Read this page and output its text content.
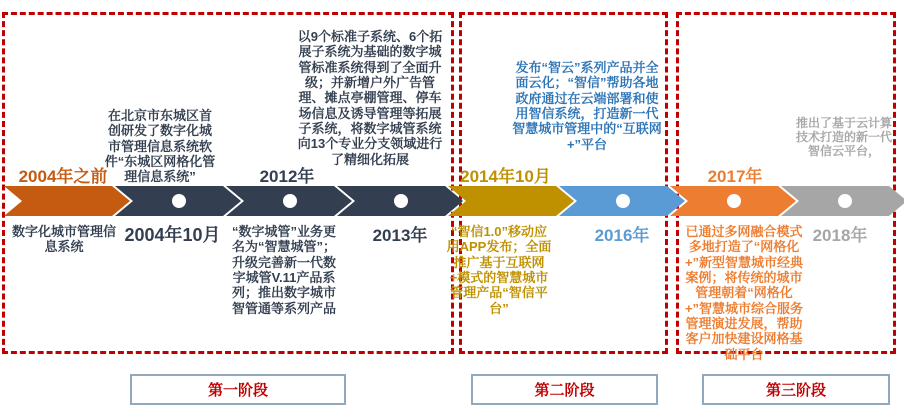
2004年之前
2004年10月
2012年
2013年
2014年10月
2016年
2017年
2018年
数字化城市管理信息系统
在北京市东城区首创研发了数字化城市管理信息系统软件“东城区网格化管理信息系统”
“数字城管”业务更名为“智慧城管”；升级完善新一代数字城管V.11产品系列；推出数字城市智管通等系列产品
以9个标准子系统、6个拓展子系统为基础的数字城管标准系统得到了全面升级；并新增户外广告管理、摊点亭棚管理、停车场信息及诱导管理等拓展子系统，将数字城管系统向13个专业分支领域进行了精细化拓展
“智信1.0”移动应用APP发布；全面推广基于互联网+模式的智慧城市管理产品“智信平台”
发布“智云”系列产品并全面云化；“智信”帮助各地政府通过在云端部署和使用智信系统，打造新一代智慧城市管理中的“互联网+”平台
已通过多网融合模式多地打造了“网格化+”新型智慧城市经典案例；将传统的城市管理朝着“网格化+”智慧城市综合服务管理演进发展，帮助客户加快建设网格基础平台
推出了基于云计算技术打造的新一代智信云平台，
第一阶段	第二阶段	第三阶段
